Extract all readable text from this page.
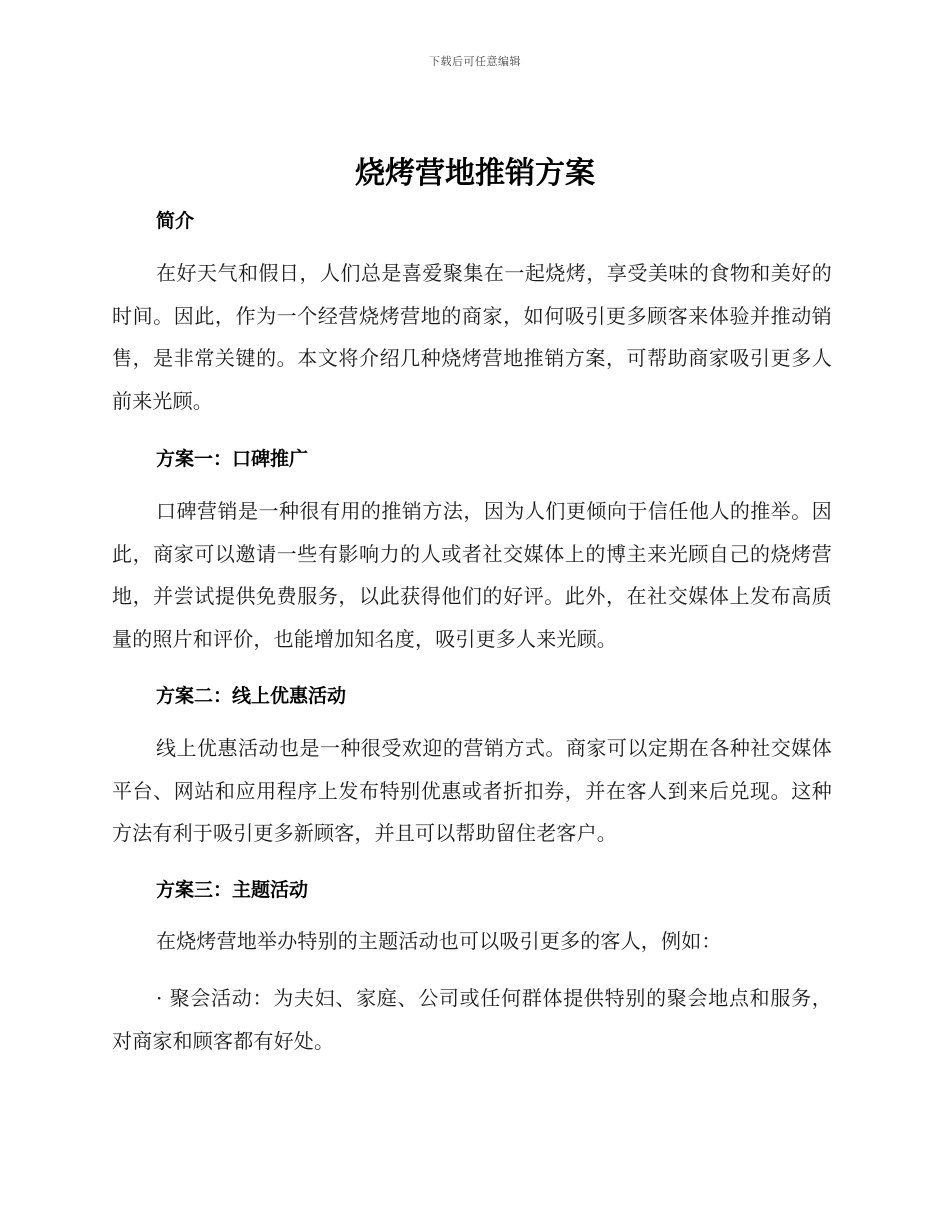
下载后可任意编辑
烧烤营地推销方案
简介

在好天气和假日，人们总是喜爱聚集在一起烧烤，享受美味的食物和美好的时间。因此，作为一个经营烧烤营地的商家，如何吸引更多顾客来体验并推动销售，是非常关键的。本文将介绍几种烧烤营地推销方案，可帮助商家吸引更多人前来光顾。

方案一：口碑推广

口碑营销是一种很有用的推销方法，因为人们更倾向于信任他人的推举。因此，商家可以邀请一些有影响力的人或者社交媒体上的博主来光顾自己的烧烤营地，并尝试提供免费服务，以此获得他们的好评。此外，在社交媒体上发布高质量的照片和评价，也能增加知名度，吸引更多人来光顾。

方案二：线上优惠活动

线上优惠活动也是一种很受欢迎的营销方式。商家可以定期在各种社交媒体平台、网站和应用程序上发布特别优惠或者折扣券，并在客人到来后兑现。这种方法有利于吸引更多新顾客，并且可以帮助留住老客户。

方案三：主题活动

在烧烤营地举办特别的主题活动也可以吸引更多的客人，例如：

· 聚会活动：为夫妇、家庭、公司或任何群体提供特别的聚会地点和服务，对商家和顾客都有好处。
